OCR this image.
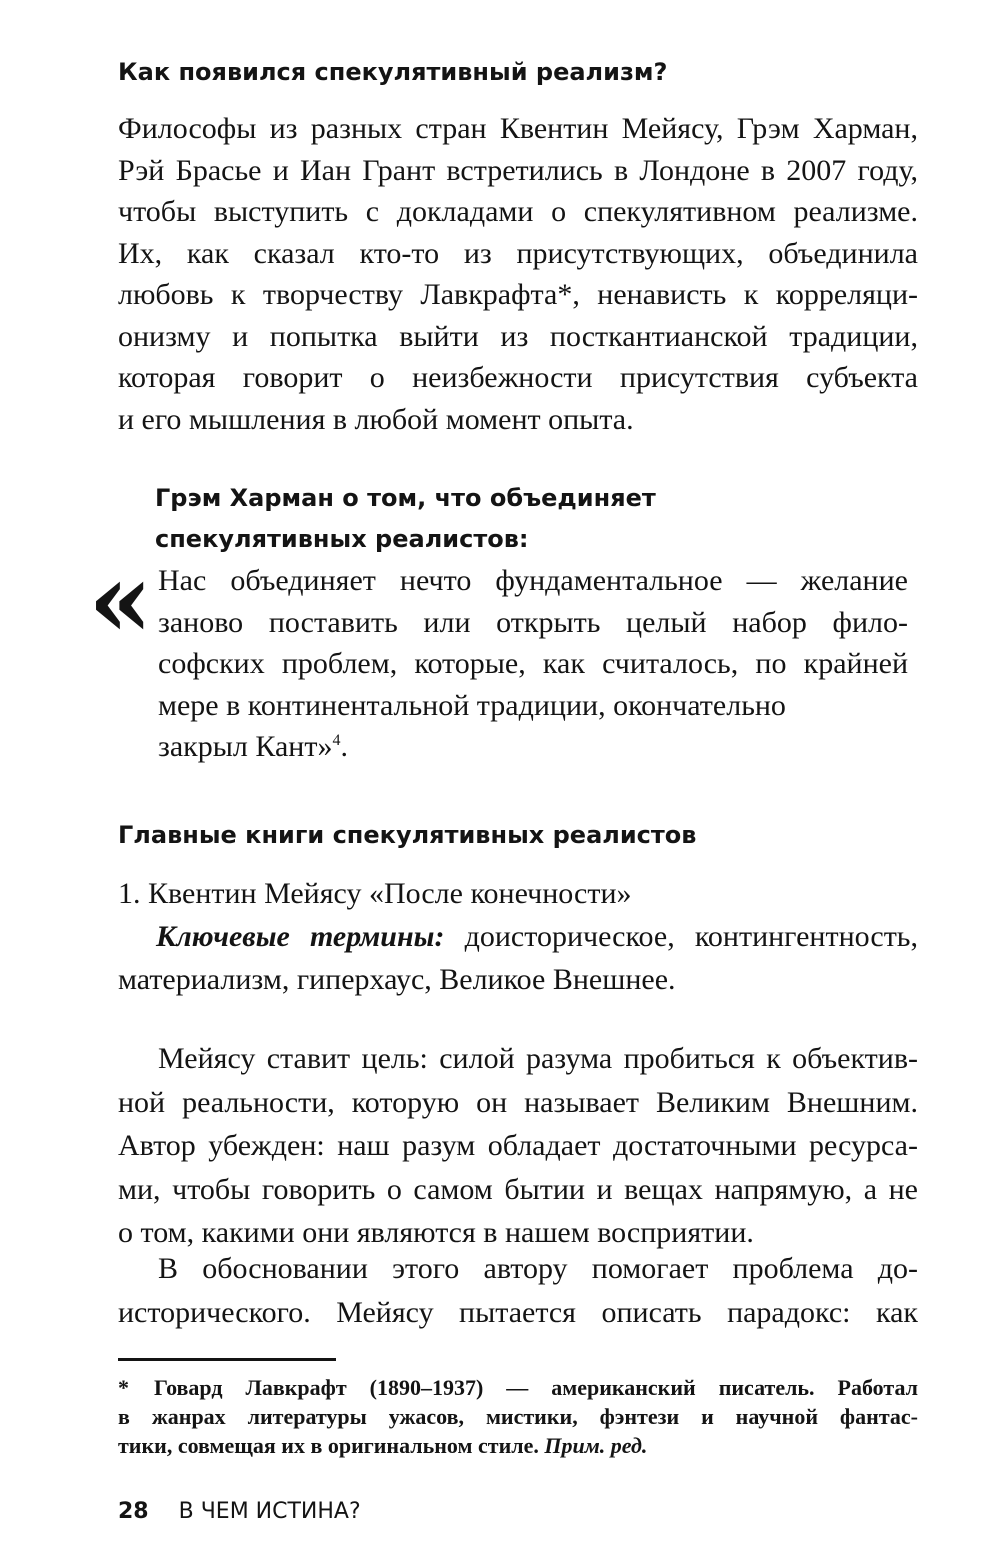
Как появился спекулятивный реализм?
Философы из разных стран Квентин Мейясу, Грэм Харман,
Рэй Брасье и Иан Грант встретились в Лондоне в 2007 году,
чтобы выступить с докладами о спекулятивном реализме.
Их, как сказал кто-то из присутствующих, объединила
любовь к творчеству Лавкрафта*, ненависть к корреляци-
онизму и попытка выйти из посткантианской традиции,
которая говорит о неизбежности присутствия субъекта
и его мышления в любой момент опыта.
Грэм Харман о том, что объединяет
спекулятивных реалистов:
« Нас объединяет нечто фундаментальное — желание
заново поставить или открыть целый набор фило-
софских проблем, которые, как считалось, по крайней
мере в континентальной традиции, окончательно
закрыл Кант»$^4$.
Главные книги спекулятивных реалистов
1. Квентин Мейясу «После конечности»
Ключевые термины: доисторическое, контингентность,
материализм, гиперхаус, Великое Внешнее.
Мейясу ставит цель: силой разума пробиться к объектив-
ной реальности, которую он называет Великим Внешним.
Автор убежден: наш разум обладает достаточными ресурса-
ми, чтобы говорить о самом бытии и вещах напрямую, а не
о том, какими они являются в нашем восприятии.
В обосновании этого автору помогает проблема до-
исторического. Мейясу пытается описать парадокс: как
*	Говард Лавкрафт (1890–1937) — американский писатель. Работал
в жанрах литературы ужасов, мистики, фэнтези и научной фантас-
тики, совмещая их в оригинальном стиле. Прим. ред.
28 В ЧЕМ ИСТИНА?
